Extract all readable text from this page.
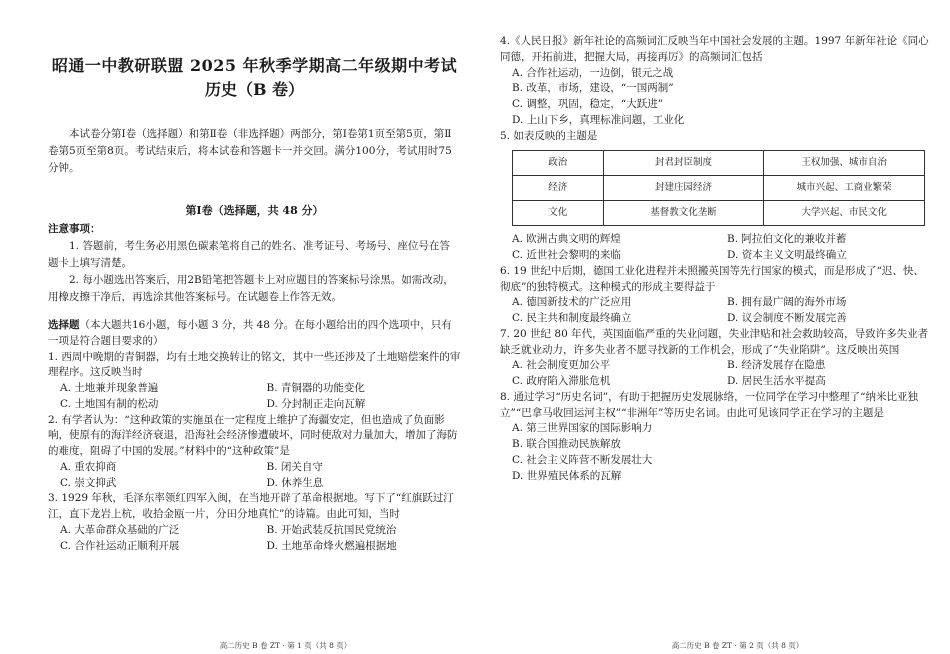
昭通一中教研联盟 2025 年秋季学期高二年级期中考试
历史（B 卷）
本试卷分第Ⅰ卷（选择题）和第Ⅱ卷（非选择题）两部分，第Ⅰ卷第1页至第5页，第Ⅱ卷第5页至第8页。考试结束后，将本试卷和答题卡一并交回。满分100分，考试用时75分钟。
第Ⅰ卷（选择题，共 48 分）
注意事项：

1. 答题前，考生务必用黑色碳素笔将自己的姓名、准考证号、考场号、座位号在答题卡上填写清楚。

2. 每小题选出答案后，用2B铅笔把答题卡上对应题目的答案标号涂黑。如需改动，用橡皮擦干净后，再选涂其他答案标号。在试题卷上作答无效。

选择题（本大题共16小题，每小题 3 分，共 48 分。在每小题给出的四个选项中，只有一项是符合题目要求的）
1. 西周中晚期的青铜器，均有土地交换转让的铭文，其中一些还涉及了土地赔偿案件的审理程序。这反映当时
A. 土地兼并现象普遍	B. 青铜器的功能变化
C. 土地国有制的松动	D. 分封制正走向瓦解
2. 有学者认为：“这种政策的实施虽在一定程度上维护了海疆安定，但也造成了负面影响，使原有的海洋经济衰退，沿海社会经济惨遭破坏，同时使敌对力量加大，增加了海防的难度，阻碍了中国的发展。”材料中的“这种政策”是
A. 重农抑商	B. 闭关自守
C. 崇文抑武	D. 休养生息
3. 1929 年秋，毛泽东率领红四军入闽，在当地开辟了革命根据地。写下了“红旗跃过汀江，直下龙岩上杭，收拾金瓯一片，分田分地真忙”的诗篇。由此可知，当时
A. 大革命群众基础的广泛	B. 开始武装反抗国民党统治
C. 合作社运动正顺利开展	D. 土地革命烽火燃遍根据地
高二历史 B 卷 ZT · 第 1 页（共 8 页）
4.《人民日报》新年社论的高频词汇反映当年中国社会发展的主题。1997 年新年社论《同心同德，开拓前进，把握大局，再接再厉》的高频词汇包括
A. 合作社运动，一边倒，银元之战
B. 改革，市场，建设，“一国两制”
C. 调整，巩固，稳定，“大跃进”
D. 上山下乡，真理标准问题，工业化
5. 如表反映的主题是
政治	封君封臣制度	王权加强、城市自治
经济	封建庄园经济	城市兴起、工商业繁荣
文化	基督教文化垄断	大学兴起、市民文化
A. 欧洲古典文明的辉煌	B. 阿拉伯文化的兼收并蓄
C. 近世社会黎明的来临	D. 资本主义文明最终确立
6. 19 世纪中后期，德国工业化进程并未照搬英国等先行国家的模式，而是形成了“迟、快、彻底”的独特模式。这种模式的形成主要得益于
A. 德国新技术的广泛应用	B. 拥有最广阔的海外市场
C. 民主共和制度最终确立	D. 议会制度不断发展完善
7. 20 世纪 80 年代，英国面临严重的失业问题，失业津贴和社会救助较高，导致许多失业者缺乏就业动力，许多失业者不愿寻找新的工作机会，形成了“失业陷阱”。这反映出英国
A. 社会制度更加公平	B. 经济发展存在隐患
C. 政府陷入滞胀危机	D. 居民生活水平提高
8. 通过学习“历史名词”，有助于把握历史发展脉络，一位同学在学习中整理了“纳米比亚独立”“巴拿马收回运河主权”“非洲年”等历史名词。由此可见该同学正在学习的主题是
A. 第三世界国家的国际影响力
B. 联合国推动民族解放
C. 社会主义阵营不断发展壮大
D. 世界殖民体系的瓦解
高二历史 B 卷 ZT · 第 2 页（共 8 页）
